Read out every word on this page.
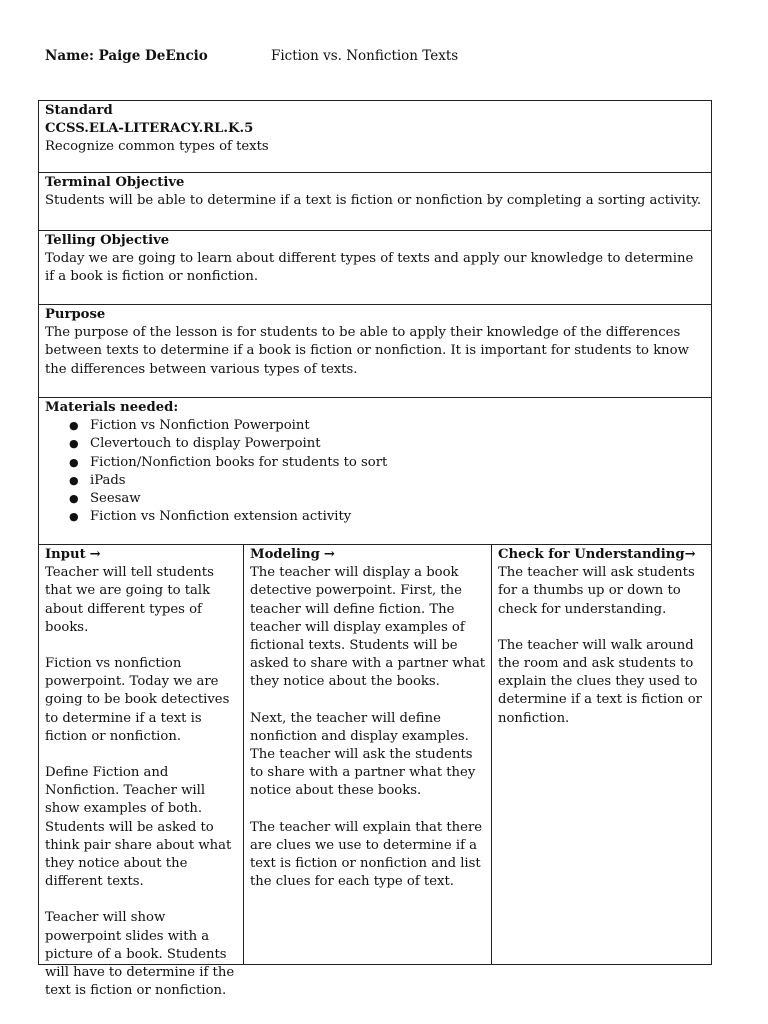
Name: Paige DeEncio	Fiction vs. Nonfiction Texts
Standard
CCSS.ELA-LITERACY.RL.K.5
Recognize common types of texts
Terminal Objective
Students will be able to determine if a text is fiction or nonfiction by completing a sorting activity.
Telling Objective
Today we are going to learn about different types of texts and apply our knowledge to determine if a book is fiction or nonfiction.
Purpose
The purpose of the lesson is for students to be able to apply their knowledge of the differences between texts to determine if a book is fiction or nonfiction. It is important for students to know the differences between various types of texts.
Materials needed:
● Fiction vs Nonfiction Powerpoint
● Clevertouch to display Powerpoint
● Fiction/Nonfiction books for students to sort
● iPads
● Seesaw
● Fiction vs Nonfiction extension activity
Input →

Teacher will tell students that we are going to talk about different types of books.

Fiction vs nonfiction powerpoint. Today we are going to be book detectives to determine if a text is fiction or nonfiction.

Define Fiction and Nonfiction. Teacher will show examples of both. Students will be asked to think pair share about what they notice about the different texts.

Teacher will show powerpoint slides with a picture of a book. Students will have to determine if the text is fiction or nonfiction.

Modeling →

The teacher will display a book detective powerpoint. First, the teacher will define fiction. The teacher will display examples of fictional texts. Students will be asked to share with a partner what they notice about the books.

Next, the teacher will define nonfiction and display examples. The teacher will ask the students to share with a partner what they notice about these books.

The teacher will explain that there are clues we use to determine if a text is fiction or nonfiction and list the clues for each type of text.

Check for Understanding→

The teacher will ask students for a thumbs up or down to check for understanding.

The teacher will walk around the room and ask students to explain the clues they used to determine if a text is fiction or nonfiction.
